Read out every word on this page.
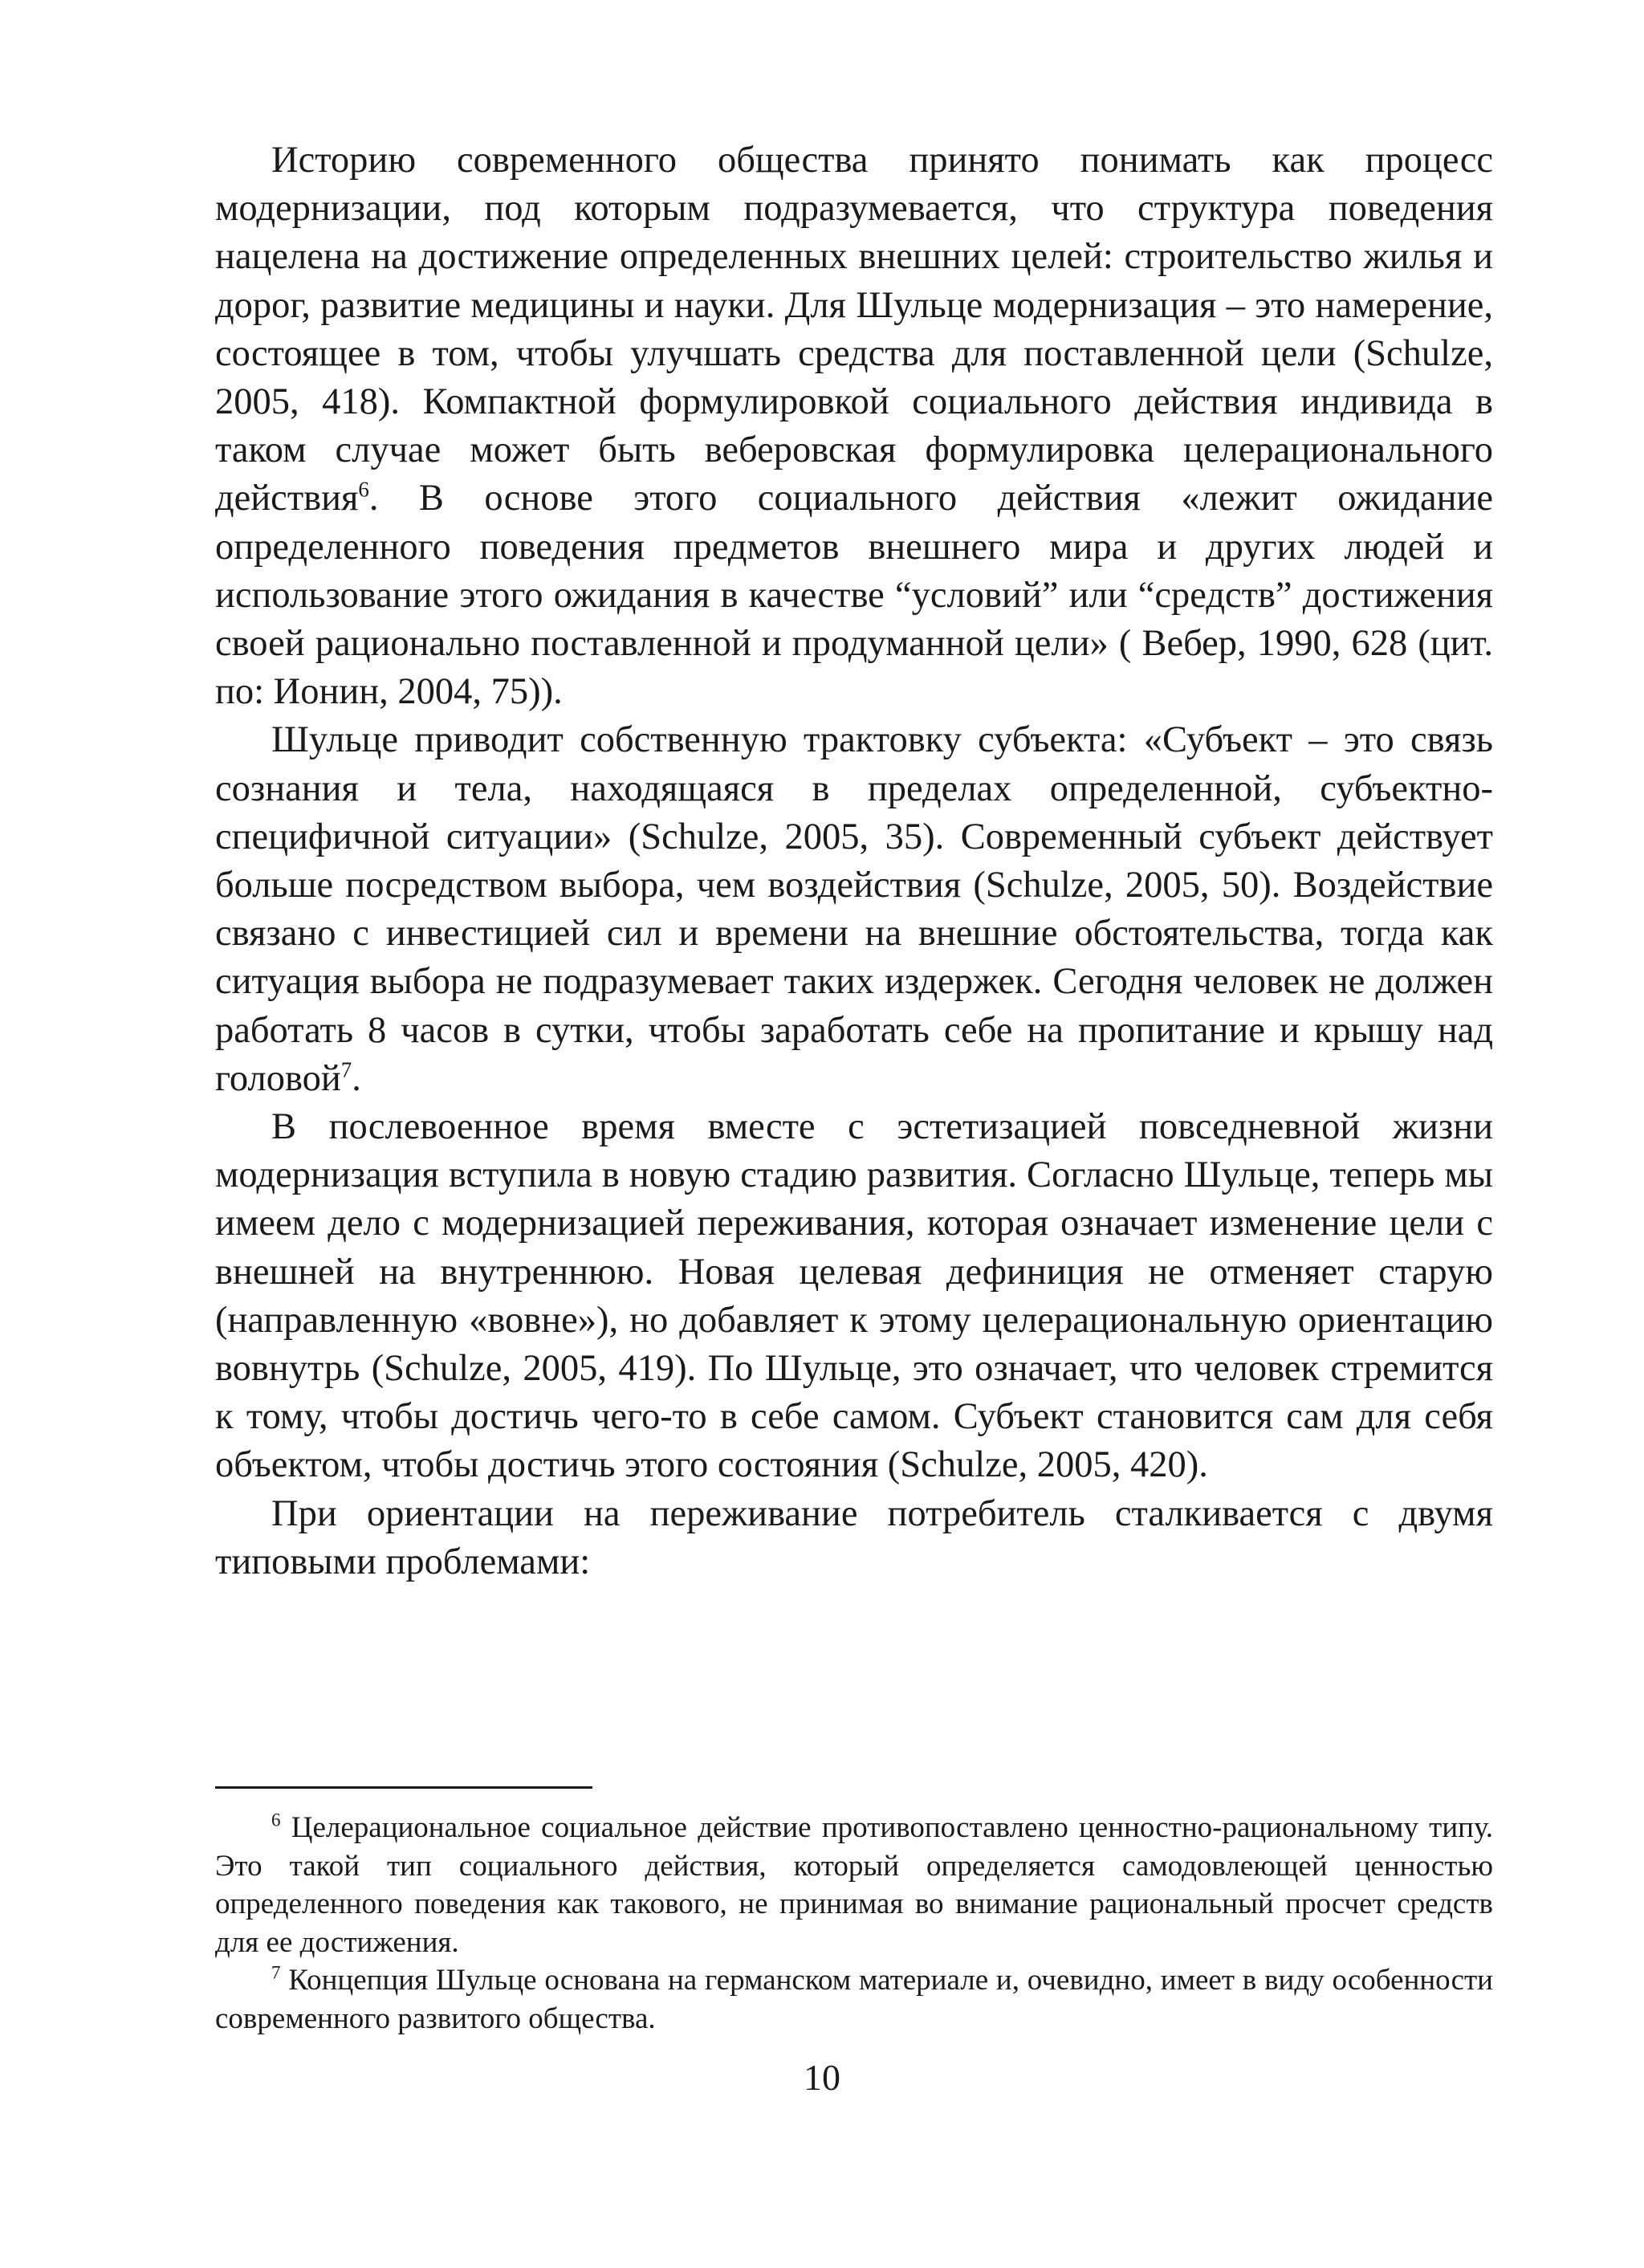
Историю современного общества принято понимать как процесс модернизации, под которым подразумевается, что структура поведения нацелена на достижение определенных внешних целей: строительство жилья и дорог, развитие медицины и науки. Для Шульце модернизация – это намерение, состоящее в том, чтобы улучшать средства для поставленной цели (Schulze, 2005, 418). Компактной формулировкой социального действия индивида в таком случае может быть веберовская формулировка целерационального действия$^6$. В основе этого социального действия «лежит ожидание определенного поведения предметов внешнего мира и других людей и использование этого ожидания в качестве “условий” или “средств” достижения своей рационально поставленной и продуманной цели» ( Вебер, 1990, 628 (цит. по: Ионин, 2004, 75)).

Шульце приводит собственную трактовку субъекта: «Субъект – это связь сознания и тела, находящаяся в пределах определенной, субъектно-специфичной ситуации» (Schulze, 2005, 35). Современный субъект действует больше посредством выбора, чем воздействия (Schulze, 2005, 50). Воздействие связано с инвестицией сил и времени на внешние обстоятельства, тогда как ситуация выбора не подразумевает таких издержек. Сегодня человек не должен работать 8 часов в сутки, чтобы заработать себе на пропитание и крышу над головой$^7$.

В послевоенное время вместе с эстетизацией повседневной жизни модернизация вступила в новую стадию развития. Согласно Шульце, теперь мы имеем дело с модернизацией переживания, которая означает изменение цели с внешней на внутреннюю. Новая целевая дефиниция не отменяет старую (направленную «вовне»), но добавляет к этому целерациональную ориентацию вовнутрь (Schulze, 2005, 419). По Шульце, это означает, что человек стремится к тому, чтобы достичь чего-то в себе самом. Субъект становится сам для себя объектом, чтобы достичь этого состояния (Schulze, 2005, 420).

При ориентации на переживание потребитель сталкивается с двумя типовыми проблемами:

$^6$ Целерациональное социальное действие противопоставлено ценностно-рациональному типу. Это такой тип социального действия, который определяется самодовлеющей ценностью определенного поведения как такового, не принимая во внимание рациональный просчет средств для ее достижения.

$^7$ Концепция Шульце основана на германском материале и, очевидно, имеет в виду особенности современного развитого общества.

10
